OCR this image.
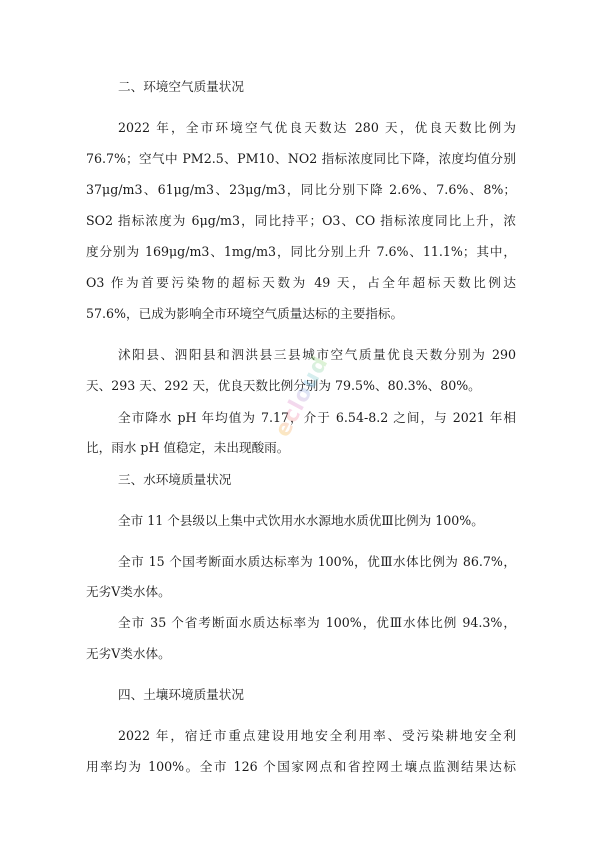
二、环境空气质量状况
2022 年，全市环境空气优良天数达 280 天，优良天数比例为
76.7%；空气中 PM2.5、PM10、NO2 指标浓度同比下降，浓度均值分别
37μg/m3、61μg/m3、23μg/m3，同比分别下降 2.6%、7.6%、8%；
SO2 指标浓度为 6μg/m3，同比持平；O3、CO 指标浓度同比上升，浓
度分别为 169μg/m3、1mg/m3，同比分别上升 7.6%、11.1%；其中，
O3 作为首要污染物的超标天数为 49 天，占全年超标天数比例达
57.6%，已成为影响全市环境空气质量达标的主要指标。
沭阳县、泗阳县和泗洪县三县城市空气质量优良天数分别为 290
天、293 天、292 天，优良天数比例分别为 79.5%、80.3%、80%。
全市降水 pH 年均值为 7.17，介于 6.54-8.2 之间，与 2021 年相
比，雨水 pH 值稳定，未出现酸雨。
三、水环境质量状况
全市 11 个县级以上集中式饮用水水源地水质优Ⅲ比例为 100%。
全市 15 个国考断面水质达标率为 100%，优Ⅲ水体比例为 86.7%，
无劣Ⅴ类水体。
全市 35 个省考断面水质达标率为 100%，优Ⅲ水体比例 94.3%，
无劣Ⅴ类水体。
四、土壤环境质量状况
2022 年，宿迁市重点建设用地安全利用率、受污染耕地安全利
用率均为 100%。全市 126 个国家网点和省控网土壤点监测结果达标
ecloud
